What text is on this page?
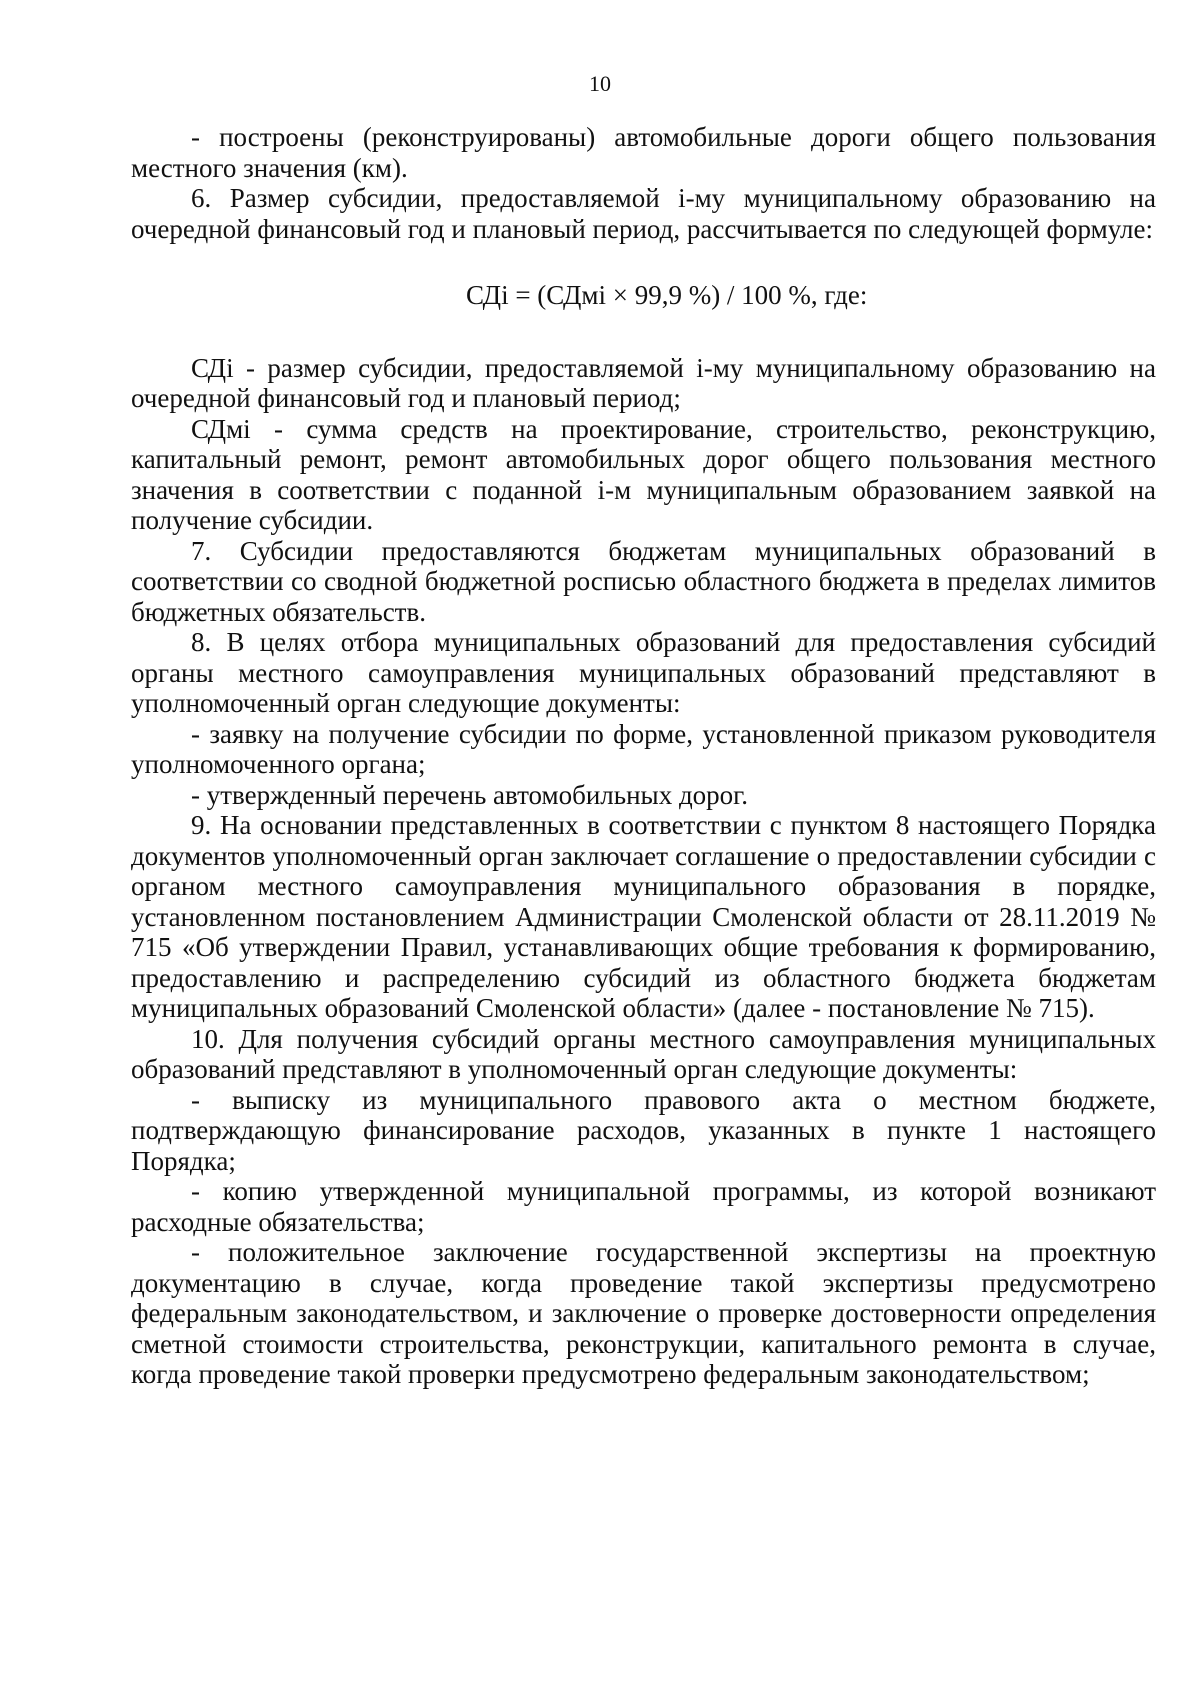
10

- построены (реконструированы) автомобильные дороги общего пользования местного значения (км).

6. Размер субсидии, предоставляемой i-му муниципальному образованию на очередной финансовый год и плановый период, рассчитывается по следующей формуле:

СДi = (СДмi × 99,9 %) / 100 %, где:

СДi - размер субсидии, предоставляемой i-му муниципальному образованию на очередной финансовый год и плановый период;

СДмi - сумма средств на проектирование, строительство, реконструкцию, капитальный ремонт, ремонт автомобильных дорог общего пользования местного значения в соответствии с поданной i-м муниципальным образованием заявкой на получение субсидии.

7. Субсидии предоставляются бюджетам муниципальных образований в соответствии со сводной бюджетной росписью областного бюджета в пределах лимитов бюджетных обязательств.

8. В целях отбора муниципальных образований для предоставления субсидий органы местного самоуправления муниципальных образований представляют в уполномоченный орган следующие документы:

- заявку на получение субсидии по форме, установленной приказом руководителя уполномоченного органа;

- утвержденный перечень автомобильных дорог.

9. На основании представленных в соответствии с пунктом 8 настоящего Порядка документов уполномоченный орган заключает соглашение о предоставлении субсидии с органом местного самоуправления муниципального образования в порядке, установленном постановлением Администрации Смоленской области от 28.11.2019 № 715 «Об утверждении Правил, устанавливающих общие требования к формированию, предоставлению и распределению субсидий из областного бюджета бюджетам муниципальных образований Смоленской области» (далее - постановление № 715).

10. Для получения субсидий органы местного самоуправления муниципальных образований представляют в уполномоченный орган следующие документы:

- выписку из муниципального правового акта о местном бюджете, подтверждающую финансирование расходов, указанных в пункте 1 настоящего Порядка;

- копию утвержденной муниципальной программы, из которой возникают расходные обязательства;

- положительное заключение государственной экспертизы на проектную документацию в случае, когда проведение такой экспертизы предусмотрено федеральным законодательством, и заключение о проверке достоверности определения сметной стоимости строительства, реконструкции, капитального ремонта в случае, когда проведение такой проверки предусмотрено федеральным законодательством;
